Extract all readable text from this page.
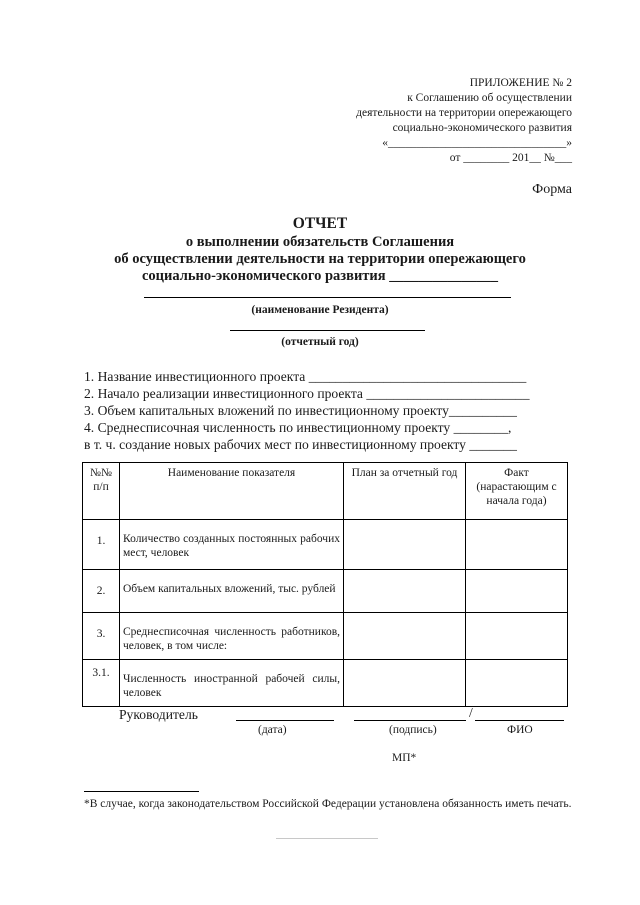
ПРИЛОЖЕНИЕ № 2
к Соглашению об осуществлении
деятельности на территории опережающего
социально-экономического развития
«_______________________________»
от ________ 201__ №___
Форма
ОТЧЕТ
о выполнении обязательств Соглашения
об осуществлении деятельности на территории опережающего
социально-экономического развития _______________
(наименование Резидента)
(отчетный год)
1. Название инвестиционного проекта ________________________________
2. Начало реализации инвестиционного проекта ________________________
3. Объем капитальных вложений по инвестиционному проекту__________
4. Среднесписочная численность по инвестиционному проекту ________,
в т. ч. создание новых рабочих мест по инвестиционному проекту _______
№№ п/п	Наименование показателя	План за отчетный год	Факт (нарастающим с начала года)
1.	Количество созданных постоянных рабочих мест, человек		
2.	Объем капитальных вложений, тыс. рублей		
3.	Среднесписочная численность работников, человек, в том числе:		
3.1.	Численность иностранной рабочей силы, человек		
Руководитель	/
(дата)	(подпись)	ФИО
МП*
*В случае, когда законодательством Российской Федерации установлена обязанность иметь печать.
